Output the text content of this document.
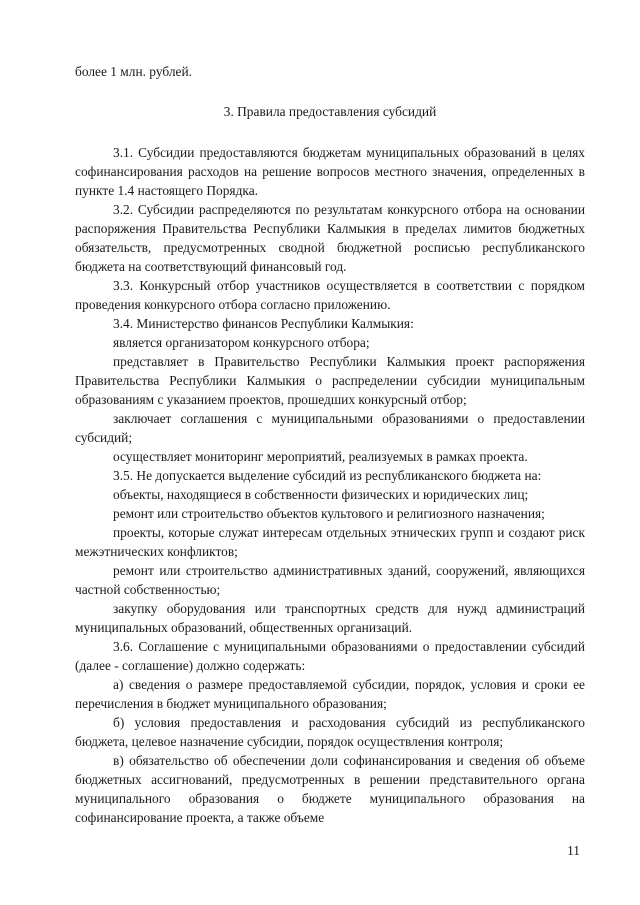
более 1 млн. рублей.

3. Правила предоставления субсидий

3.1. Субсидии предоставляются бюджетам муниципальных образований в целях софинансирования расходов на решение вопросов местного значения, определенных в пункте 1.4 настоящего Порядка.

3.2. Субсидии распределяются по результатам конкурсного отбора на основании распоряжения Правительства Республики Калмыкия в пределах лимитов бюджетных обязательств, предусмотренных сводной бюджетной росписью республиканского бюджета на соответствующий финансовый год.

3.3. Конкурсный отбор участников осуществляется в соответствии с порядком проведения конкурсного отбора согласно приложению.

3.4. Министерство финансов Республики Калмыкия:

является организатором конкурсного отбора;

представляет в Правительство Республики Калмыкия проект распоряжения Правительства Республики Калмыкия о распределении субсидии муниципальным образованиям с указанием проектов, прошедших конкурсный отбор;

заключает соглашения с муниципальными образованиями о предоставлении субсидий;

осуществляет мониторинг мероприятий, реализуемых в рамках проекта.

3.5. Не допускается выделение субсидий из республиканского бюджета на:

объекты, находящиеся в собственности физических и юридических лиц;

ремонт или строительство объектов культового и религиозного назначения;

проекты, которые служат интересам отдельных этнических групп и создают риск межэтнических конфликтов;

ремонт или строительство административных зданий, сооружений, являющихся частной собственностью;

закупку оборудования или транспортных средств для нужд администраций муниципальных образований, общественных организаций.

3.6. Соглашение с муниципальными образованиями о предоставлении субсидий (далее - соглашение) должно содержать:

а) сведения о размере предоставляемой субсидии, порядок, условия и сроки ее перечисления в бюджет муниципального образования;

б) условия предоставления и расходования субсидий из республиканского бюджета, целевое назначение субсидии, порядок осуществления контроля;

в) обязательство об обеспечении доли софинансирования и сведения об объеме бюджетных ассигнований, предусмотренных в решении представительного органа муниципального образования о бюджете муниципального образования на софинансирование проекта, а также объеме

11
